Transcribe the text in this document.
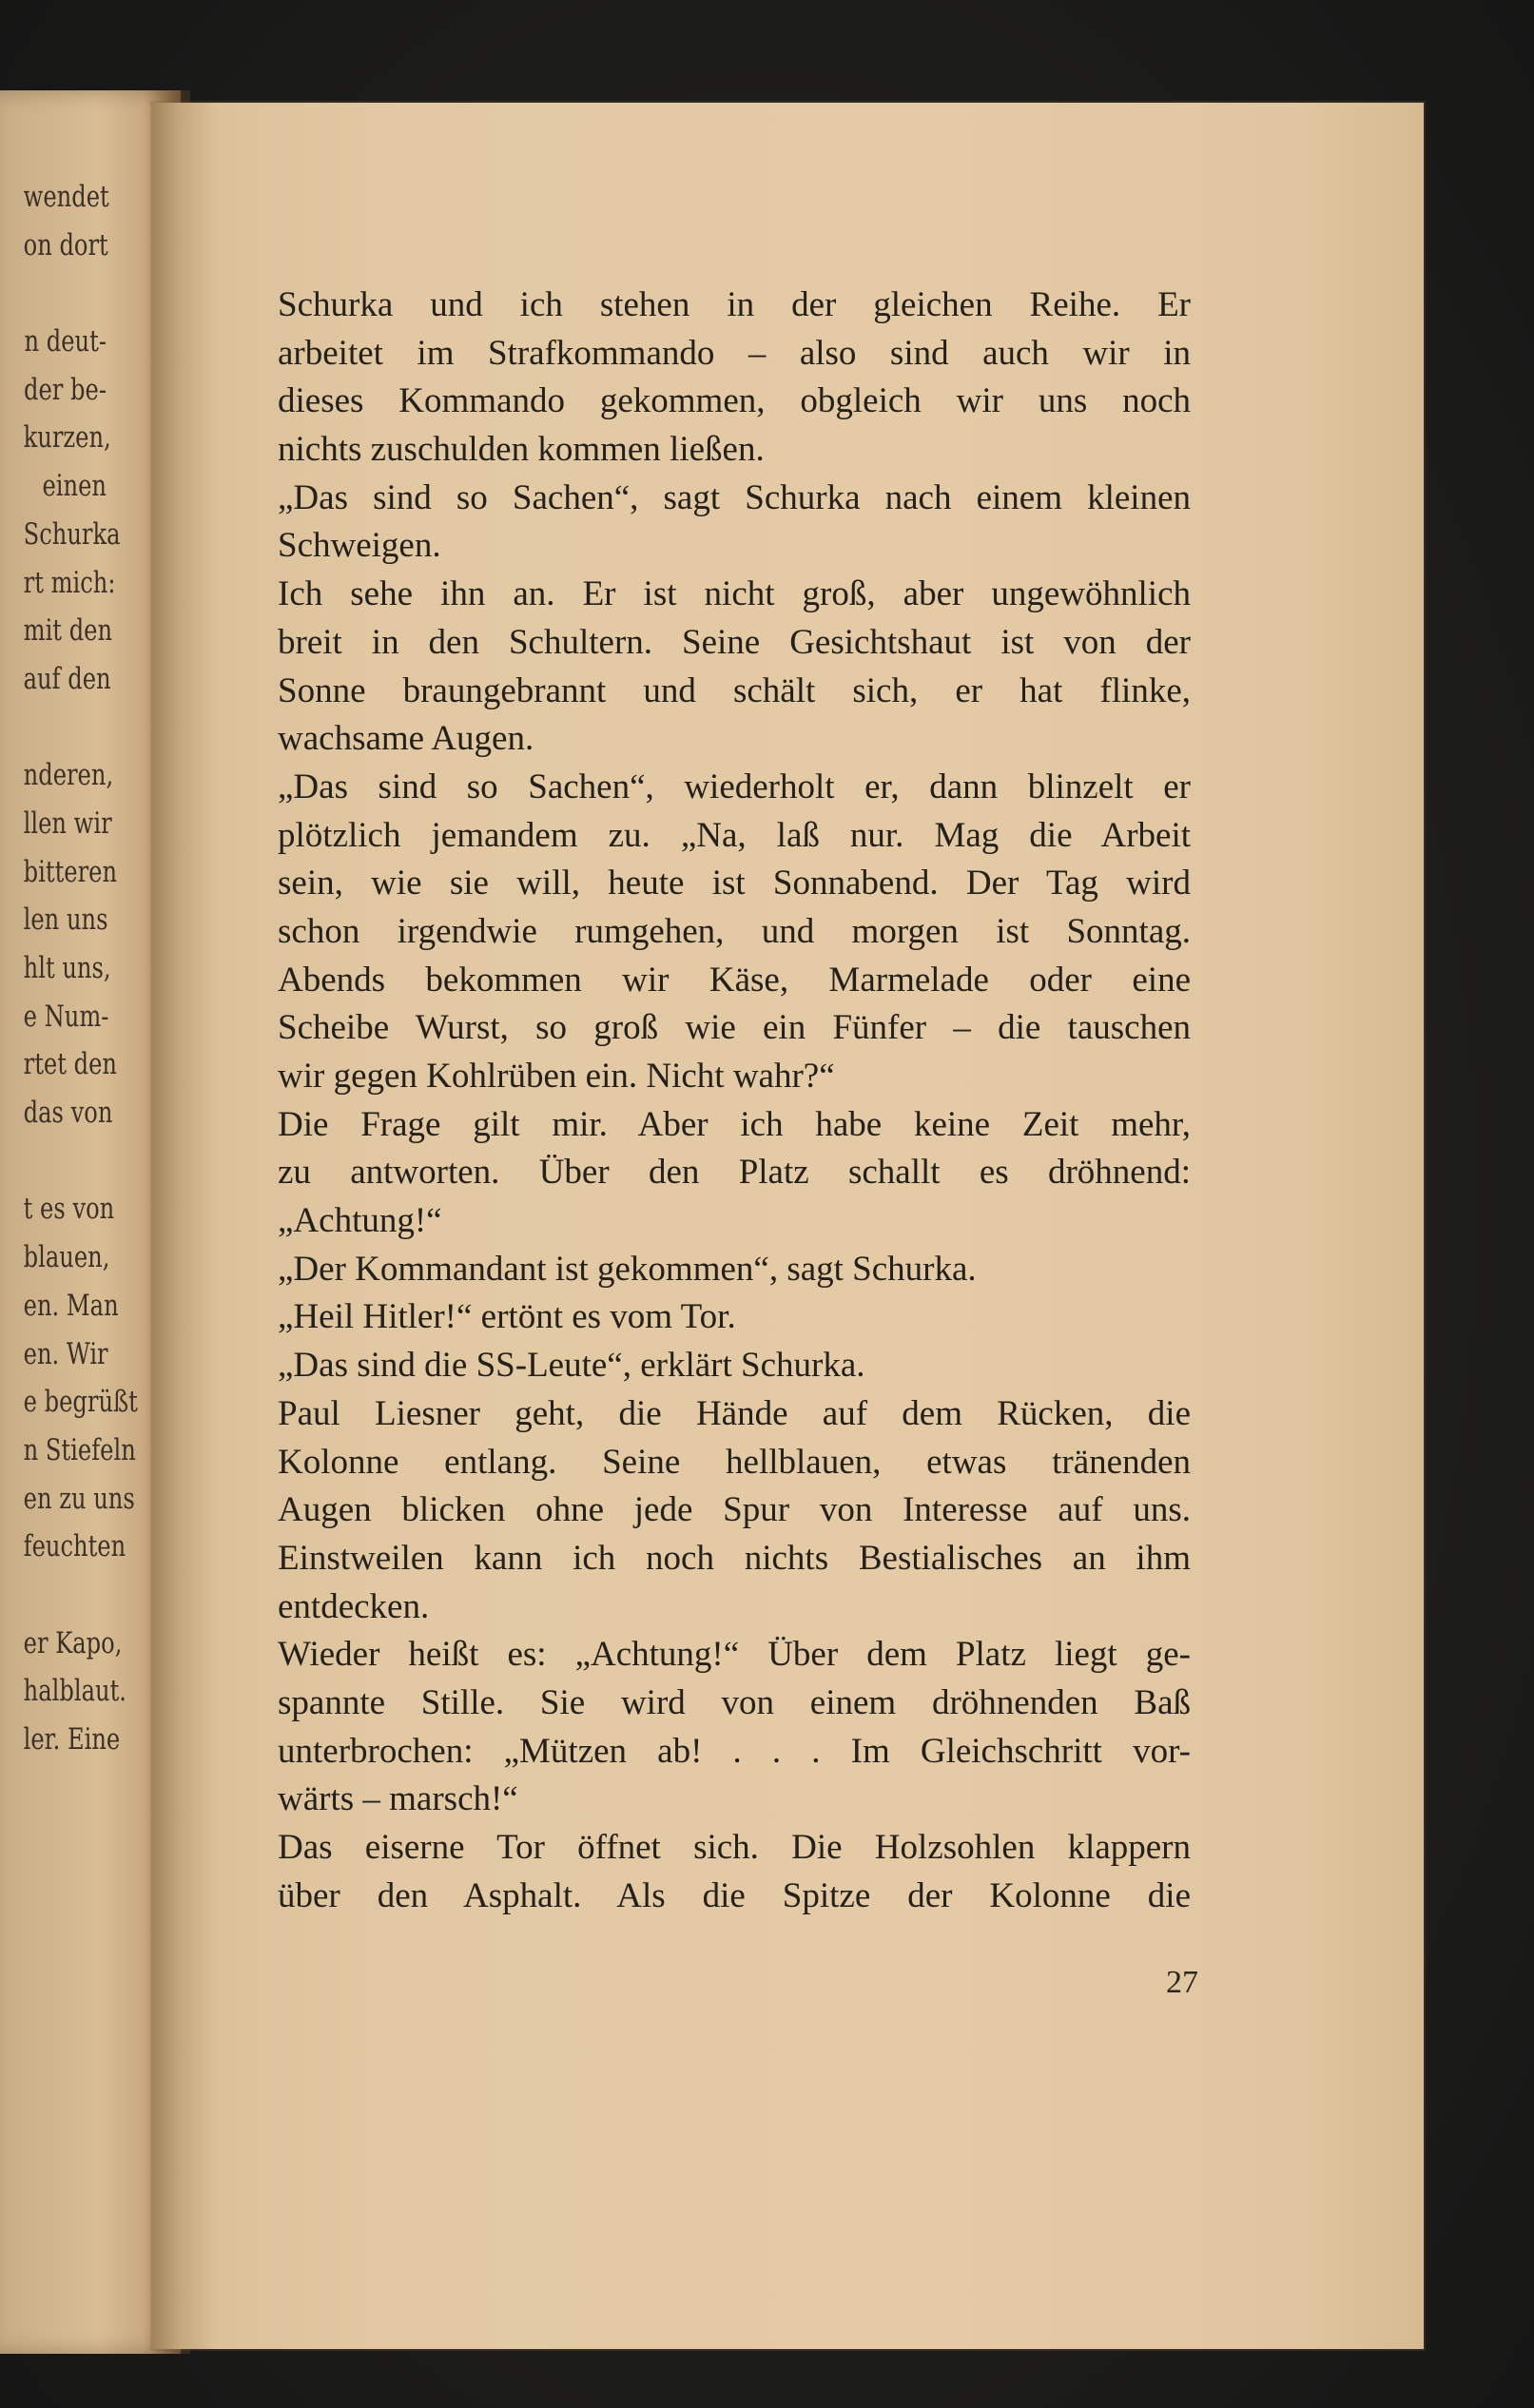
wendet
on dort
n deut-
der be-
kurzen,
einen
Schurka
rt mich:
mit den
auf den
nderen,
llen wir
bitteren
len uns
hlt uns,
e Num-
rtet den
das von
t es von
blauen,
en. Man
en. Wir
e begrüßt
n Stiefeln
en zu uns
feuchten
er Kapo,
halblaut.
ler. Eine
Schurka und ich stehen in der gleichen Reihe. Er
arbeitet im Strafkommando – also sind auch wir in
dieses Kommando gekommen, obgleich wir uns noch
nichts zuschulden kommen ließen.
„Das sind so Sachen“, sagt Schurka nach einem kleinen
Schweigen.
Ich sehe ihn an. Er ist nicht groß, aber ungewöhnlich
breit in den Schultern. Seine Gesichtshaut ist von der
Sonne braungebrannt und schält sich, er hat flinke,
wachsame Augen.
„Das sind so Sachen“, wiederholt er, dann blinzelt er
plötzlich jemandem zu. „Na, laß nur. Mag die Arbeit
sein, wie sie will, heute ist Sonnabend. Der Tag wird
schon irgendwie rumgehen, und morgen ist Sonntag.
Abends bekommen wir Käse, Marmelade oder eine
Scheibe Wurst, so groß wie ein Fünfer – die tauschen
wir gegen Kohlrüben ein. Nicht wahr?“
Die Frage gilt mir. Aber ich habe keine Zeit mehr,
zu antworten. Über den Platz schallt es dröhnend:
„Achtung!“
„Der Kommandant ist gekommen“, sagt Schurka.
„Heil Hitler!“ ertönt es vom Tor.
„Das sind die SS-Leute“, erklärt Schurka.
Paul Liesner geht, die Hände auf dem Rücken, die
Kolonne entlang. Seine hellblauen, etwas tränenden
Augen blicken ohne jede Spur von Interesse auf uns.
Einstweilen kann ich noch nichts Bestialisches an ihm
entdecken.
Wieder heißt es: „Achtung!“ Über dem Platz liegt ge-
spannte Stille. Sie wird von einem dröhnenden Baß
unterbrochen: „Mützen ab! . . . Im Gleichschritt vor-
wärts – marsch!“
Das eiserne Tor öffnet sich. Die Holzsohlen klappern
über den Asphalt. Als die Spitze der Kolonne die
27
